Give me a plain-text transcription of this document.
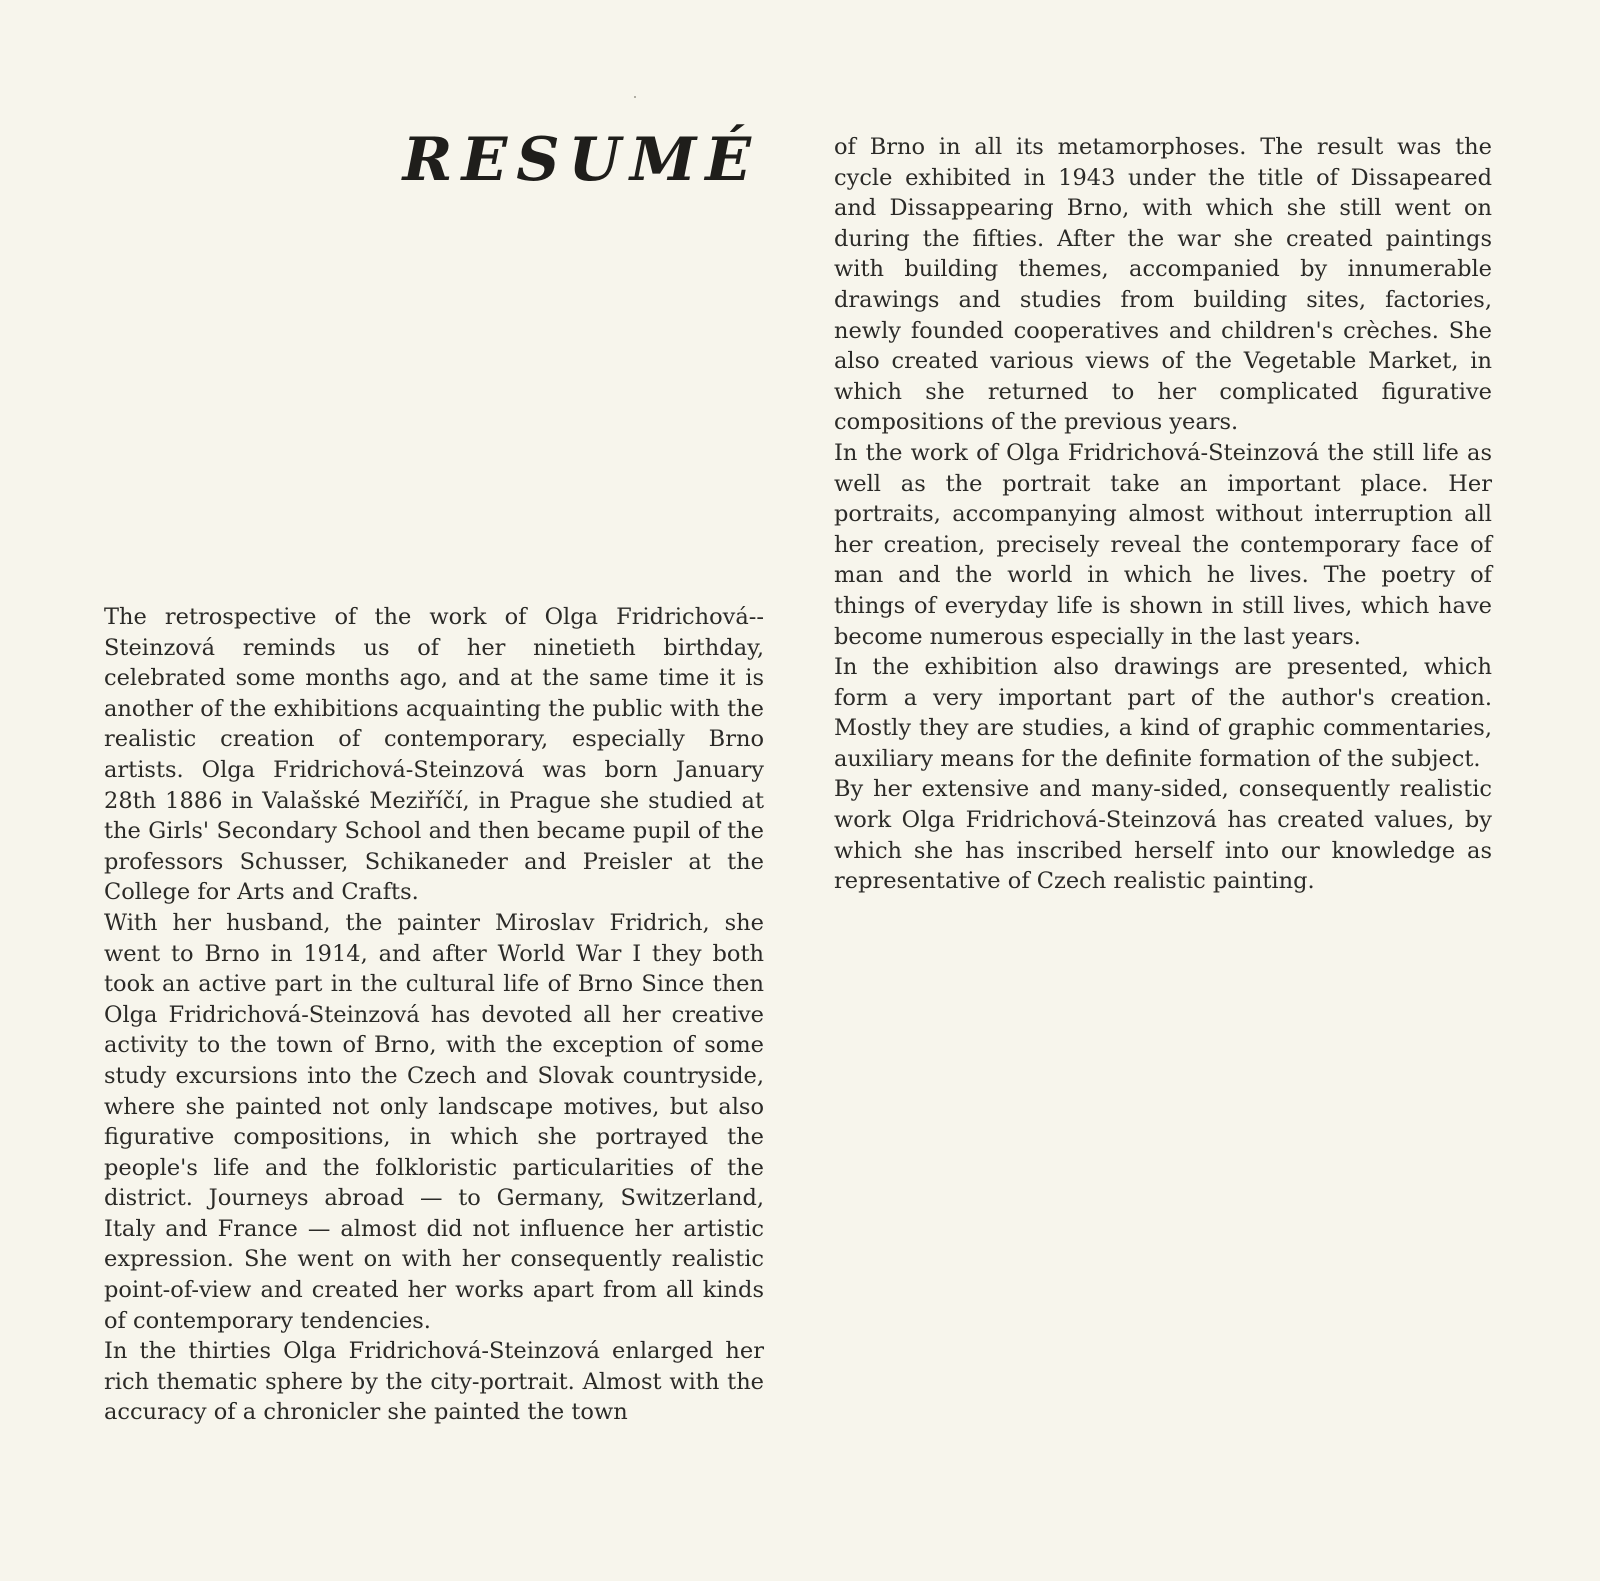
RESUMÉ

The retrospective of the work of Olga Fridrichová--Steinzová reminds us of her ninetieth birthday, celebrated some months ago, and at the same time it is another of the exhibitions acquainting the public with the realistic creation of contemporary, especially Brno artists. Olga Fridrichová-Steinzová was born January 28th 1886 in Valašské Meziříčí, in Prague she studied at the Girls' Secondary School and then became pupil of the professors Schusser, Schikaneder and Preisler at the College for Arts and Crafts.

With her husband, the painter Miroslav Fridrich, she went to Brno in 1914, and after World War I they both took an active part in the cultural life of Brno Since then Olga Fridrichová-Steinzová has devoted all her creative activity to the town of Brno, with the exception of some study excursions into the Czech and Slovak countryside, where she painted not only landscape motives, but also figurative compositions, in which she portrayed the people's life and the folkloristic particularities of the district. Journeys abroad — to Germany, Switzerland, Italy and France — almost did not influence her artistic expression. She went on with her consequently realistic point-of-view and created her works apart from all kinds of contemporary tendencies.

In the thirties Olga Fridrichová-Steinzová enlarged her rich thematic sphere by the city-portrait. Almost with the accuracy of a chronicler she painted the town

of Brno in all its metamorphoses. The result was the cycle exhibited in 1943 under the title of Dissapeared and Dissappearing Brno, with which she still went on during the fifties. After the war she created paintings with building themes, accompanied by innumerable drawings and studies from building sites, factories, newly founded cooperatives and children's crèches. She also created various views of the Vegetable Market, in which she returned to her complicated figurative compositions of the previous years.

In the work of Olga Fridrichová-Steinzová the still life as well as the portrait take an important place. Her portraits, accompanying almost without interruption all her creation, precisely reveal the contemporary face of man and the world in which he lives. The poetry of things of everyday life is shown in still lives, which have become numerous especially in the last years.

In the exhibition also drawings are presented, which form a very important part of the author's creation. Mostly they are studies, a kind of graphic commentaries, auxiliary means for the definite formation of the subject.

By her extensive and many-sided, consequently realistic work Olga Fridrichová-Steinzová has created values, by which she has inscribed herself into our knowledge as representative of Czech realistic painting.
